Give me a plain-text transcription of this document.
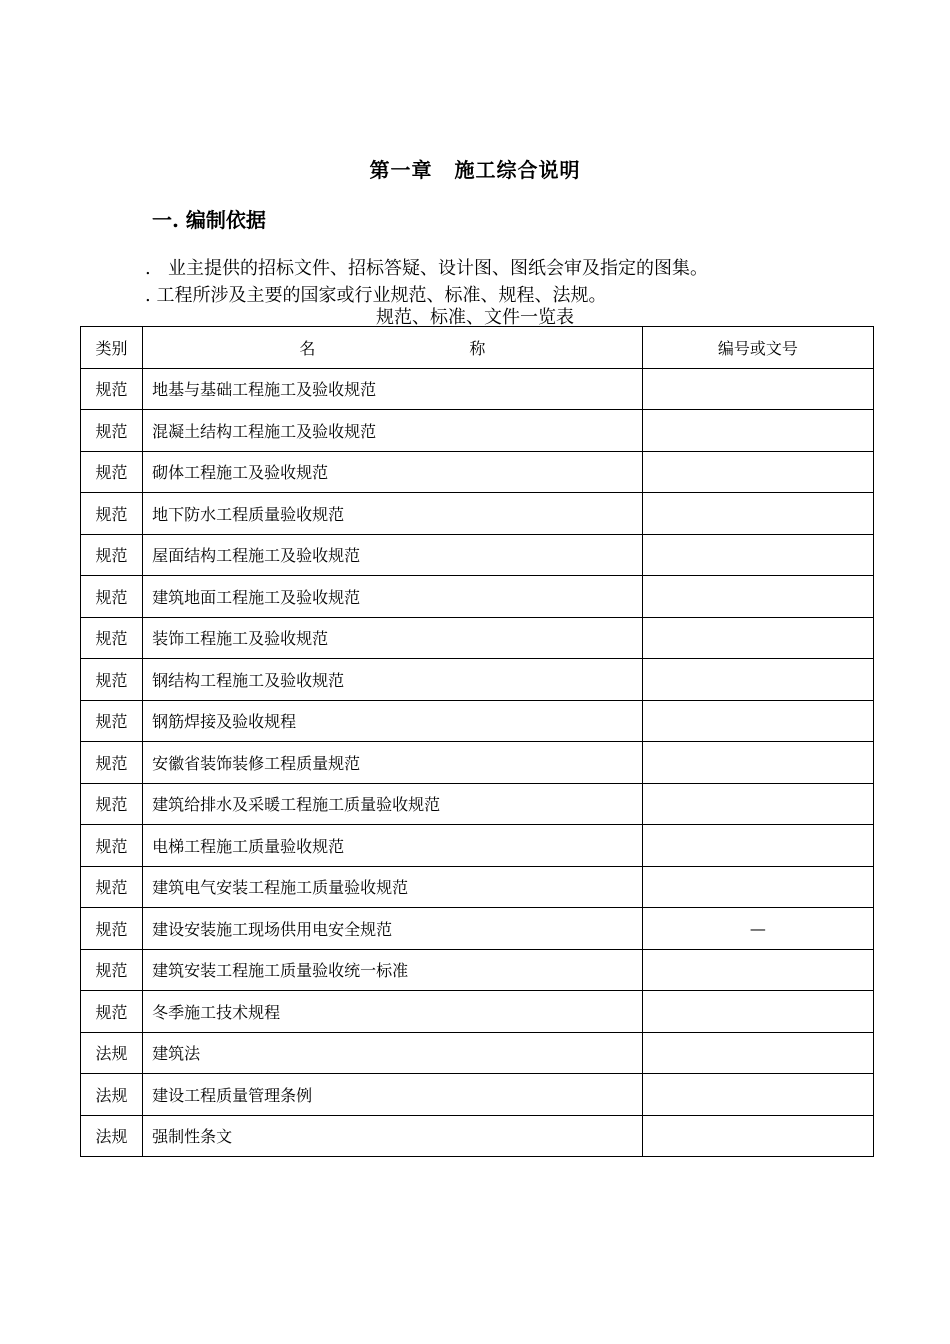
第一章 施工综合说明
一. 编制依据
. 业主提供的招标文件、招标答疑、设计图、图纸会审及指定的图集。
. 工程所涉及主要的国家或行业规范、标准、规程、法规。
规范、标准、文件一览表
类别	名 称	编号或文号
规范	地基与基础工程施工及验收规范	
规范	混凝土结构工程施工及验收规范	
规范	砌体工程施工及验收规范	
规范	地下防水工程质量验收规范	
规范	屋面结构工程施工及验收规范	
规范	建筑地面工程施工及验收规范	
规范	装饰工程施工及验收规范	
规范	钢结构工程施工及验收规范	
规范	钢筋焊接及验收规程	
规范	安徽省装饰装修工程质量规范	
规范	建筑给排水及采暖工程施工质量验收规范	
规范	电梯工程施工质量验收规范	
规范	建筑电气安装工程施工质量验收规范	
规范	建设安装施工现场供用电安全规范	—
规范	建筑安装工程施工质量验收统一标准	
规范	冬季施工技术规程	
法规	建筑法	
法规	建设工程质量管理条例	
法规	强制性条文	
